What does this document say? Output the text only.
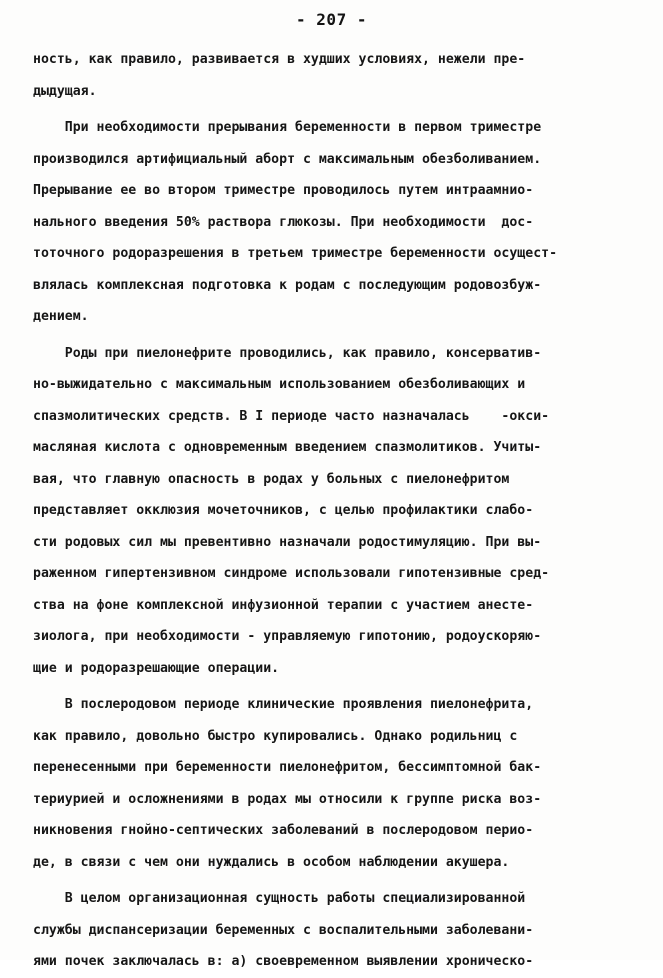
- 207 -
ность, как правило, развивается в худших условиях, нежели пре-
дыдущая.
При необходимости прерывания беременности в первом триместре
производился артифициальный аборт с максимальным обезболиванием.
Прерывание ее во втором триместре проводилось путем интраамнио-
нального введения 50% раствора глюкозы. При необходимости  дос-
тоточного родоразрешения в третьем триместре беременности осущест-
влялась комплексная подготовка к родам с последующим родовозбуж-
дением.
Роды при пиелонефрите проводились, как правило, консерватив-
но-выжидательно с максимальным использованием обезболивающих и
спазмолитических средств. В I периоде часто назначалась    -окси-
масляная кислота с одновременным введением спазмолитиков. Учиты-
вая, что главную опасность в родах у больных с пиелонефритом
представляет окклюзия мочеточников, с целью профилактики слабо-
сти родовых сил мы превентивно назначали родостимуляцию. При вы-
раженном гипертензивном синдроме использовали гипотензивные сред-
ства на фоне комплексной инфузионной терапии с участием анесте-
зиолога, при необходимости - управляемую гипотонию, родоускоряю-
щие и родоразрешающие операции.
В послеродовом периоде клинические проявления пиелонефрита,
как правило, довольно быстро купировались. Однако родильниц с
перенесенными при беременности пиелонефритом, бессимптомной бак-
териурией и осложнениями в родах мы относили к группе риска воз-
никновения гнойно-септических заболеваний в послеродовом перио-
де, в связи с чем они нуждались в особом наблюдении акушера.
В целом организационная сущность работы специализированной
службы диспансеризации беременных с воспалительными заболевани-
ями почек заключалась в: а) своевременном выявлении хроническо-
